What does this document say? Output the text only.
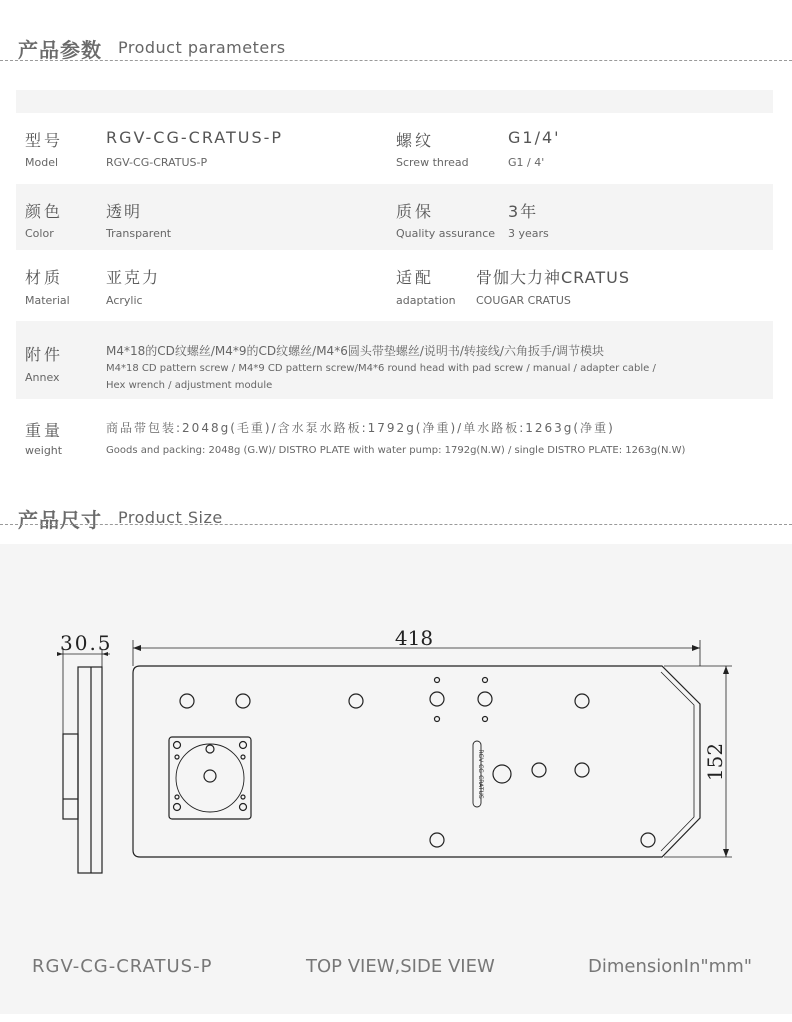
产品参数 Product parameters
型号
Model
RGV-CG-CRATUS-P
RGV-CG-CRATUS-P
螺纹
Screw thread
G1/4'
G1 / 4'
颜色
Color
透明
Transparent
质保
Quality assurance
3年
3 years
材质
Material
亚克力
Acrylic
适配
adaptation
骨伽大力神CRATUS
COUGAR CRATUS
附件
Annex
M4*18的CD纹螺丝/M4*9的CD纹螺丝/M4*6圆头带垫螺丝/说明书/转接线/六角扳手/调节模块
M4*18 CD pattern screw / M4*9 CD pattern screw/M4*6 round head with pad screw / manual / adapter cable /
Hex wrench / adjustment module
重量
weight
商品带包装:2048g(毛重)/含水泵水路板:1792g(净重)/单水路板:1263g(净重)
Goods and packing: 2048g (G.W)/ DISTRO PLATE with water pump: 1792g(N.W) / single DISTRO PLATE: 1263g(N.W)
产品尺寸 Product Size
418
30.5
152
RGV-CG-CRATUS
RGV-CG-CRATUS-P	TOP VIEW,SIDE VIEW	DimensionIn"mm"
